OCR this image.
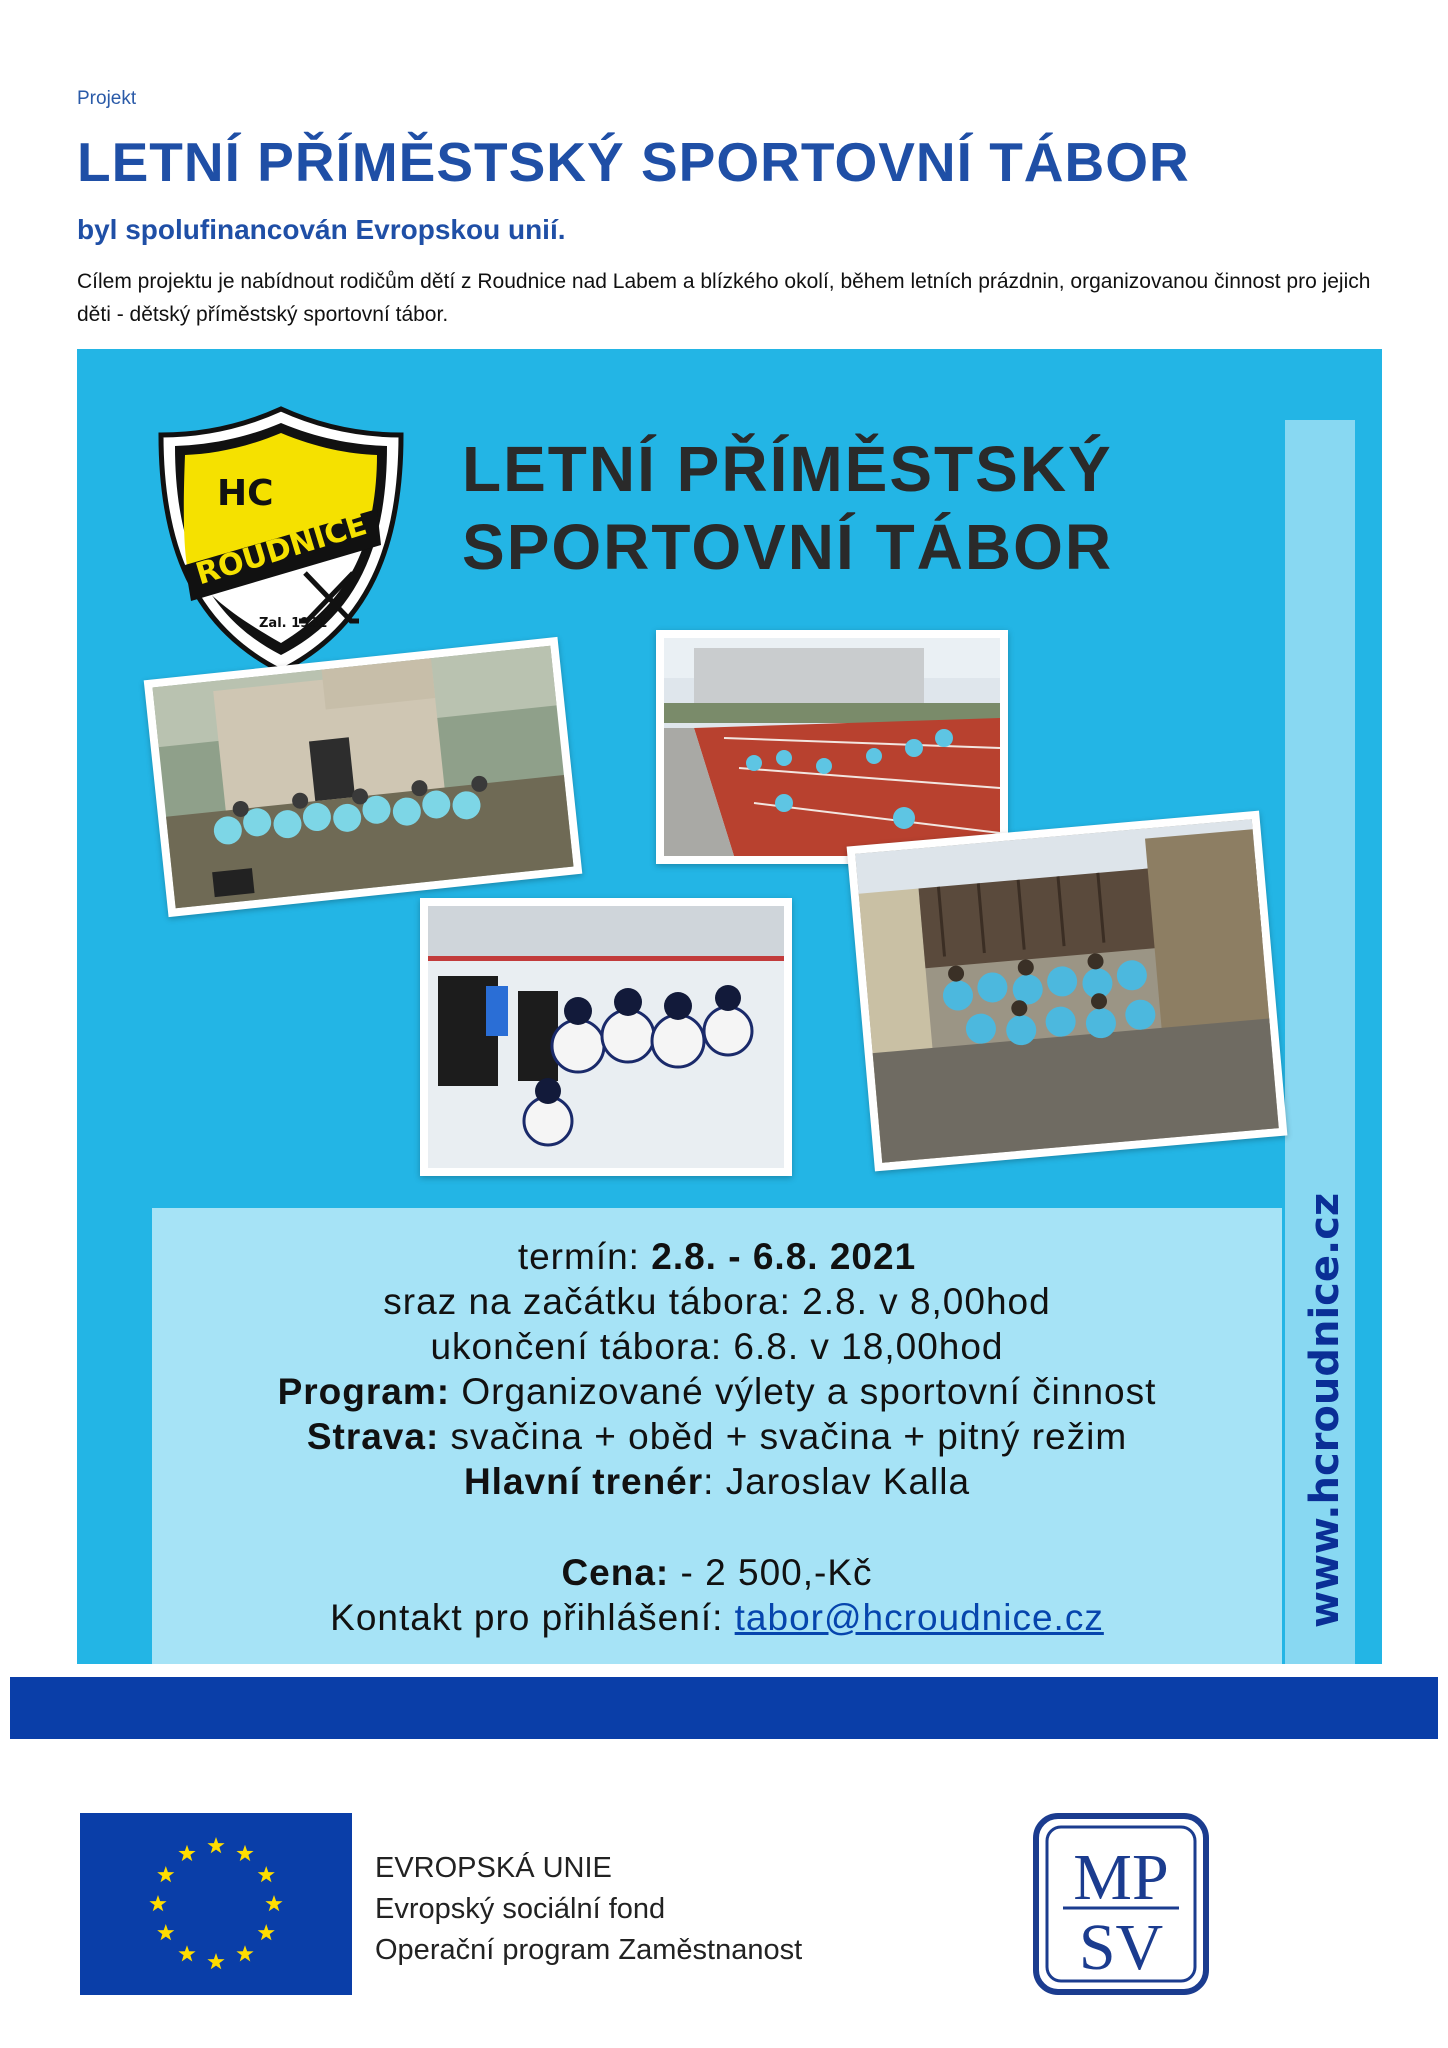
Projekt
LETNÍ PŘÍMĚSTSKÝ SPORTOVNÍ TÁBOR
byl spolufinancován Evropskou unií.
Cílem projektu je nabídnout rodičům dětí z Roudnice nad Labem a blízkého okolí, během letních prázdnin, organizovanou činnost pro jejich děti - dětský příměstský sportovní tábor.
HC
ROUDNICE
Zal. 1931
LETNÍ PŘÍMĚSTSKÝ
SPORTOVNÍ TÁBOR
termín: 2.8. - 6.8. 2021
sraz na začátku tábora: 2.8. v 8,00hod
ukončení tábora: 6.8. v 18,00hod
Program: Organizované výlety a sportovní činnost
Strava: svačina + oběd + svačina + pitný režim
Hlavní trenér: Jaroslav Kalla
Cena: - 2 500,-Kč
Kontakt pro přihlášení: tabor@hcroudnice.cz	www.hcroudnice.cz
EVROPSKÁ UNIE
Evropský sociální fond
Operační program Zaměstnanost
MP
SV
